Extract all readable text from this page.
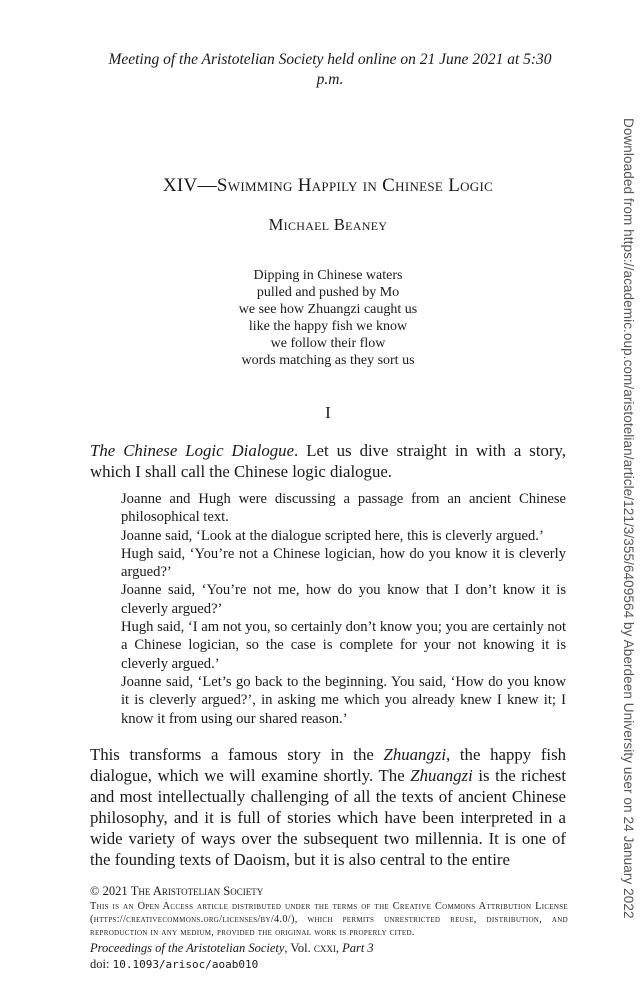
Meeting of the Aristotelian Society held online on 21 June 2021 at 5:30 p.m.
Downloaded from https://academic.oup.com/aristotelian/article/121/3/355/6409564 by Aberdeen University user on 24 January 2022
XIV—Swimming Happily in Chinese Logic
Michael Beaney
Dipping in Chinese waters
pulled and pushed by Mo
we see how Zhuangzi caught us
like the happy fish we know
we follow their flow
words matching as they sort us
I
The Chinese Logic Dialogue. Let us dive straight in with a story, which I shall call the Chinese logic dialogue.

Joanne and Hugh were discussing a passage from an ancient Chinese philosophical text.

Joanne said, ‘Look at the dialogue scripted here, this is cleverly argued.’

Hugh said, ‘You’re not a Chinese logician, how do you know it is cleverly argued?’

Joanne said, ‘You’re not me, how do you know that I don’t know it is cleverly argued?’

Hugh said, ‘I am not you, so certainly don’t know you; you are certainly not a Chinese logician, so the case is complete for your not knowing it is cleverly argued.’

Joanne said, ‘Let’s go back to the beginning. You said, ‘How do you know it is cleverly argued?’, in asking me which you already knew I knew it; I know it from using our shared reason.’

This transforms a famous story in the Zhuangzi, the happy fish dialogue, which we will examine shortly. The Zhuangzi is the richest and most intellectually challenging of all the texts of ancient Chinese philosophy, and it is full of stories which have been interpreted in a wide variety of ways over the subsequent two millennia. It is one of the founding texts of Daoism, but it is also central to the entire
© 2021 The Aristotelian Society
This is an Open Access article distributed under the terms of the Creative Commons Attribution License (https://creativecommons.org/licenses/by/4.0/), which permits unrestricted reuse, distribution, and reproduction in any medium, provided the original work is properly cited.
Proceedings of the Aristotelian Society, Vol. cxxi, Part 3
doi: 10.1093/arisoc/aoab010
